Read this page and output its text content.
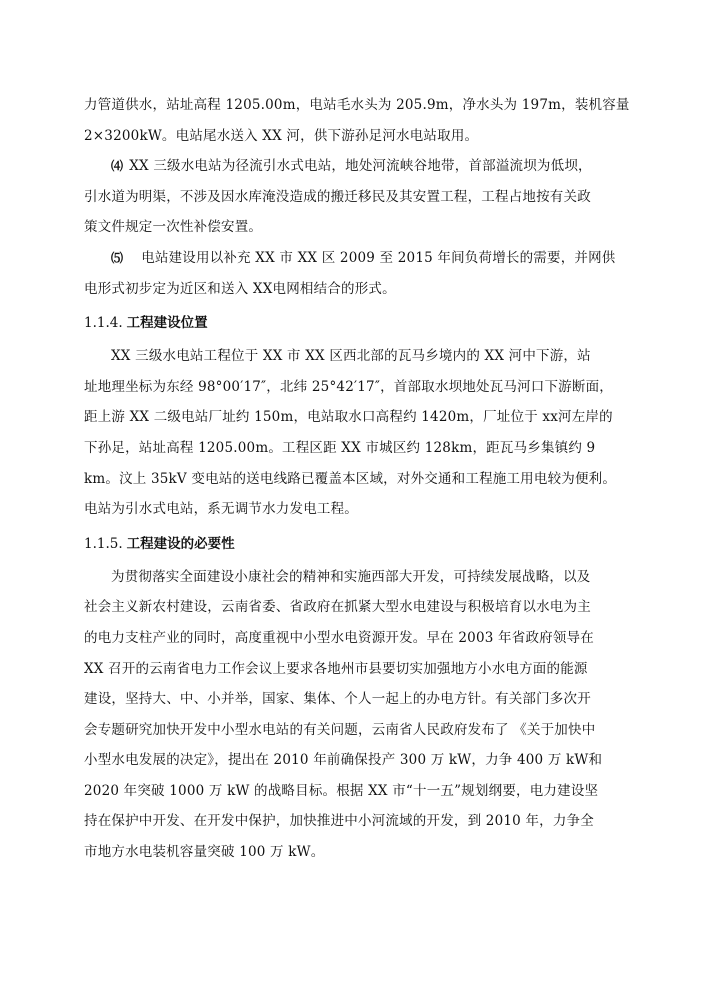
力管道供水，站址高程 1205.00m，电站毛水头为 205.9m，净水头为 197m，装机容量
2×3200kW。电站尾水送入 XX 河，供下游孙足河水电站取用。
⑷ XX 三级水电站为径流引水式电站，地处河流峡谷地带，首部溢流坝为低坝，
引水道为明渠，不涉及因水库淹没造成的搬迁移民及其安置工程，工程占地按有关政
策文件规定一次性补偿安置。
⑸ 电站建设用以补充 XX 市 XX 区 2009 至 2015 年间负荷增长的需要，并网供
电形式初步定为近区和送入 XX电网相结合的形式。
1.1.4. 工程建设位置
XX 三级水电站工程位于 XX 市 XX 区西北部的瓦马乡境内的 XX 河中下游，站
址地理坐标为东经 98°00′17″，北纬 25°42′17″，首部取水坝地处瓦马河口下游断面，
距上游 XX 二级电站厂址约 150m，电站取水口高程约 1420m，厂址位于 xx河左岸的
下孙足，站址高程 1205.00m。工程区距 XX 市城区约 128km，距瓦马乡集镇约 9
km。汶上 35kV 变电站的送电线路已覆盖本区域，对外交通和工程施工用电较为便利。
电站为引水式电站，系无调节水力发电工程。
1.1.5. 工程建设的必要性
为贯彻落实全面建设小康社会的精神和实施西部大开发，可持续发展战略，以及
社会主义新农村建设，云南省委、省政府在抓紧大型水电建设与积极培育以水电为主
的电力支柱产业的同时，高度重视中小型水电资源开发。早在 2003 年省政府领导在
XX 召开的云南省电力工作会议上要求各地州市县要切实加强地方小水电方面的能源
建设，坚持大、中、小并举，国家、集体、个人一起上的办电方针。有关部门多次开
会专题研究加快开发中小型水电站的有关问题，云南省人民政府发布了 《关于加快中
小型水电发展的决定》，提出在 2010 年前确保投产 300 万 kW，力争 400 万 kW和
2020 年突破 1000 万 kW 的战略目标。根据 XX 市“十一五”规划纲要，电力建设坚
持在保护中开发、在开发中保护，加快推进中小河流域的开发，到 2010 年，力争全
市地方水电装机容量突破 100 万 kW。
